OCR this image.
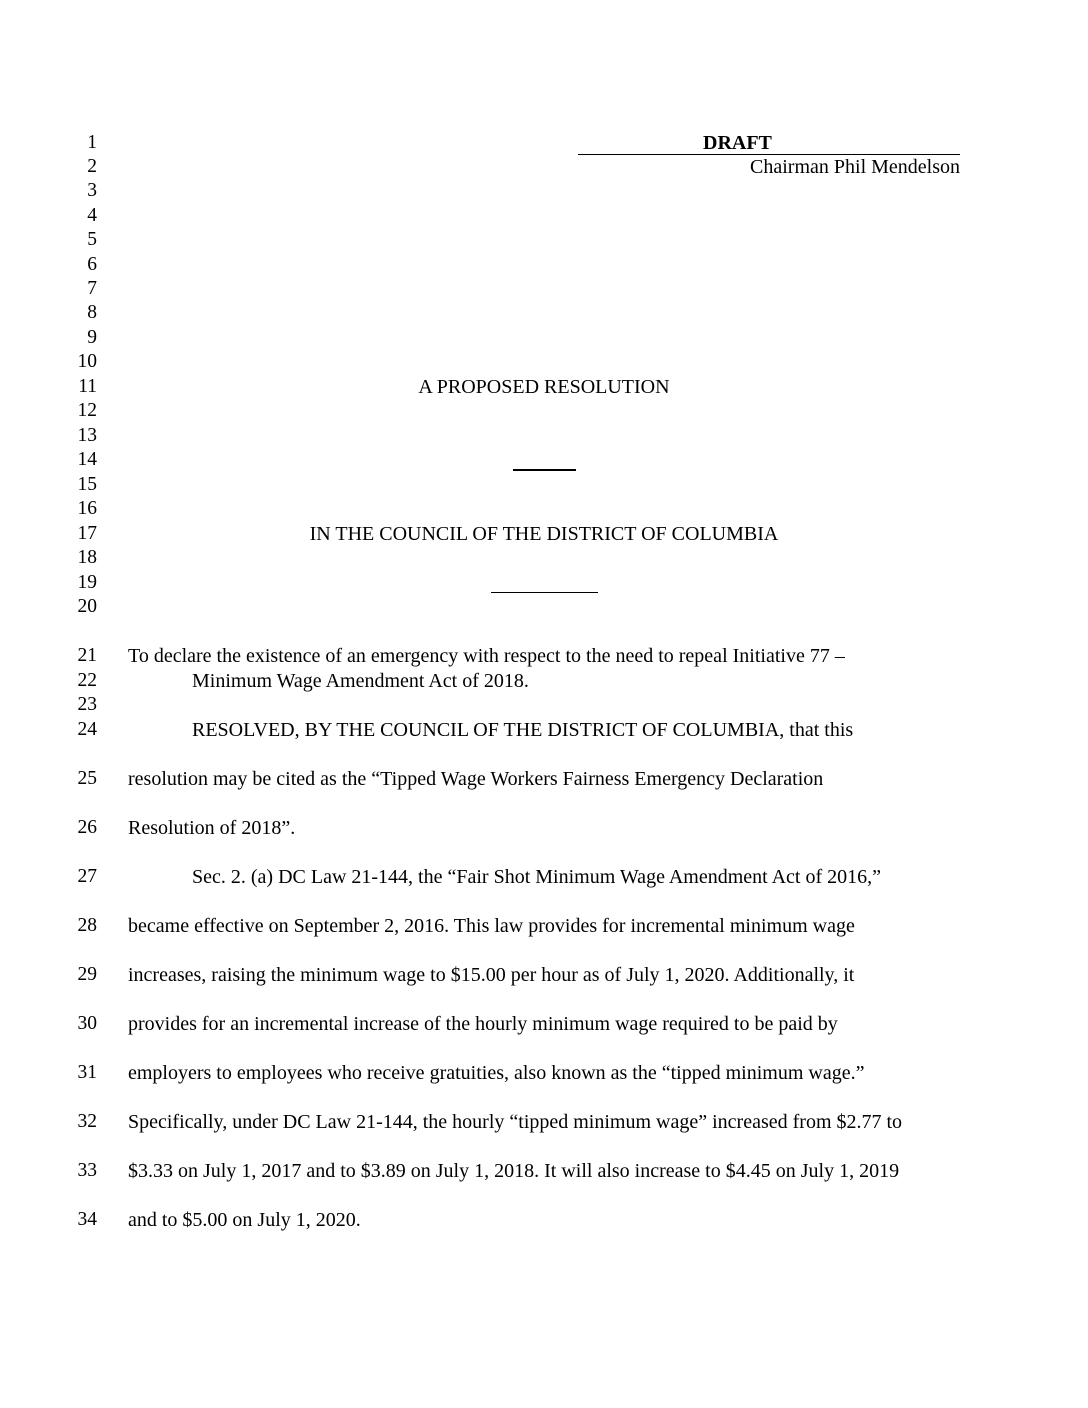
1
2
3
4
5
6
7
8
9
10
11
12
13
14
15
16
17
18
19
20
21
22
23
24
25
26
27
28
29
30
31
32
33
34
DRAFT
Chairman Phil Mendelson
A PROPOSED RESOLUTION
IN THE COUNCIL OF THE DISTRICT OF COLUMBIA
To declare the existence of an emergency with respect to the need to repeal Initiative 77 –
Minimum Wage Amendment Act of 2018.
RESOLVED, BY THE COUNCIL OF THE DISTRICT OF COLUMBIA, that this
resolution may be cited as the “Tipped Wage Workers Fairness Emergency Declaration
Resolution of 2018”.
Sec. 2. (a) DC Law 21-144, the “Fair Shot Minimum Wage Amendment Act of 2016,”
became effective on September 2, 2016. This law provides for incremental minimum wage
increases, raising the minimum wage to $15.00 per hour as of July 1, 2020. Additionally, it
provides for an incremental increase of the hourly minimum wage required to be paid by
employers to employees who receive gratuities, also known as the “tipped minimum wage.”
Specifically, under DC Law 21-144, the hourly “tipped minimum wage” increased from $2.77 to
$3.33 on July 1, 2017 and to $3.89 on July 1, 2018. It will also increase to $4.45 on July 1, 2019
and to $5.00 on July 1, 2020.
